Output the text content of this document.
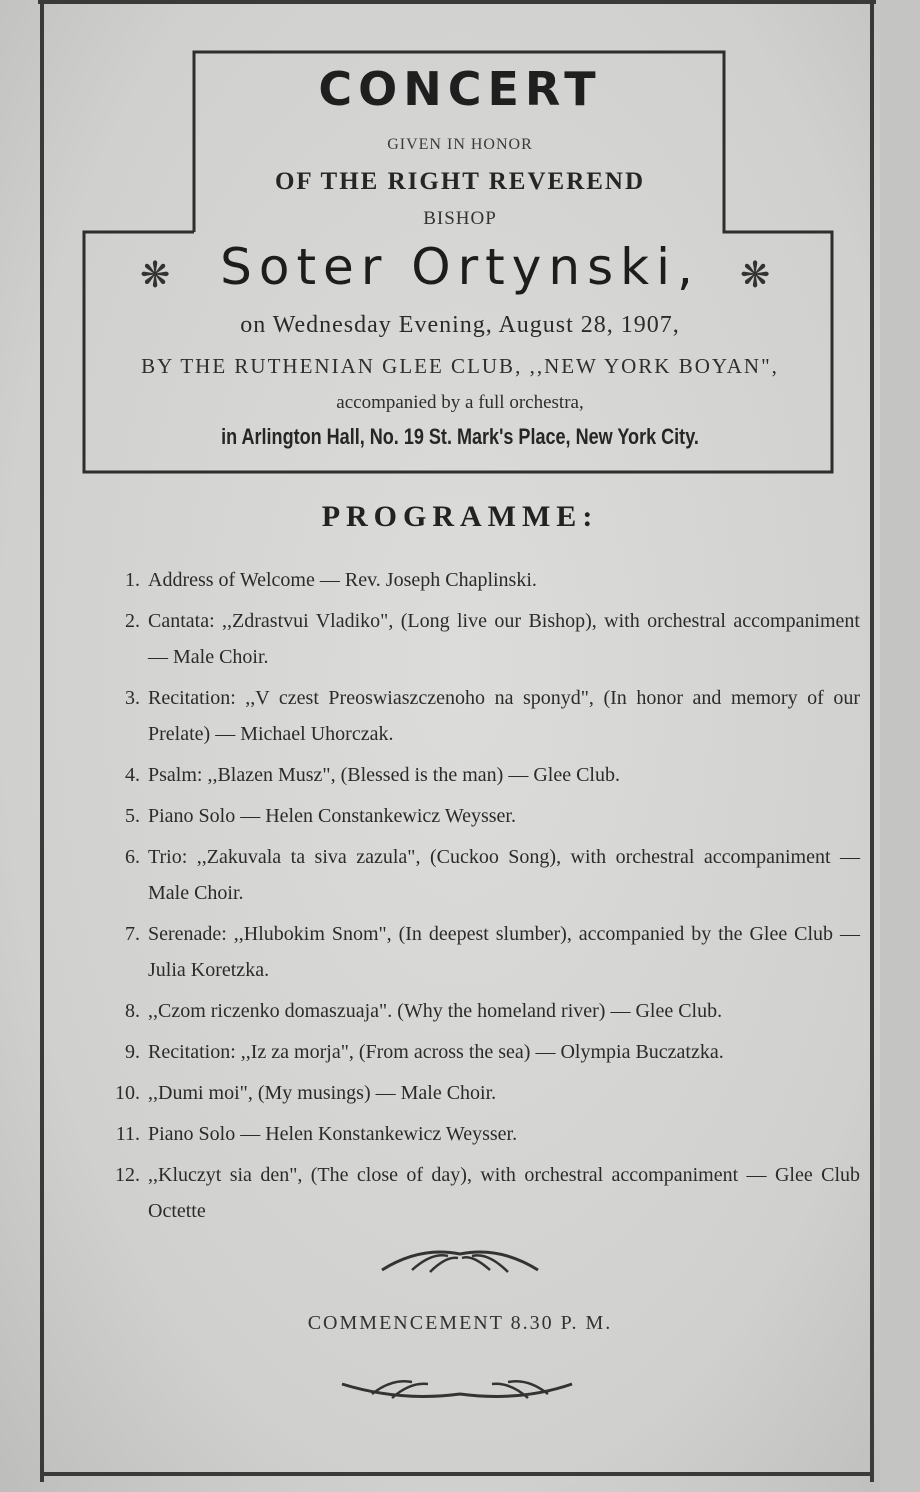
CONCERT
GIVEN IN HONOR
OF THE RIGHT REVEREND
BISHOP
❋ Soter Ortynski,	❋
on Wednesday Evening, August 28, 1907,
BY THE RUTHENIAN GLEE CLUB, ,,NEW YORK BOYAN",
accompanied by a full orchestra,
in Arlington Hall, No. 19 St. Mark's Place, New York City.
PROGRAMME:
1. Address of Welcome — Rev. Joseph Chaplinski.
2. Cantata: ,,Zdrastvui Vladiko", (Long live our Bishop), with orchestral accompaniment — Male Choir.
3. Recitation: ,,V czest Preoswiaszczenoho na sponyd", (In honor and memory of our Prelate) — Michael Uhorczak.
4. Psalm: ,,Blazen Musz", (Blessed is the man) — Glee Club.
5. Piano Solo — Helen Constankewicz Weysser.
6. Trio: ,,Zakuvala ta siva zazula", (Cuckoo Song), with orchestral accompaniment — Male Choir.
7. Serenade: ,,Hlubokim Snom", (In deepest slumber), accompanied by the Glee Club — Julia Koretzka.
8. ,,Czom riczenko domaszuaja". (Why the homeland river) — Glee Club.
9. Recitation: ,,Iz za morja", (From across the sea) — Olympia Buczatzka.
10. ,,Dumi moi", (My musings) — Male Choir.
11. Piano Solo — Helen Konstankewicz Weysser.
12. ,,Kluczyt sia den", (The close of day), with orchestral accompaniment — Glee Club Octette
COMMENCEMENT 8.30 P. M.
